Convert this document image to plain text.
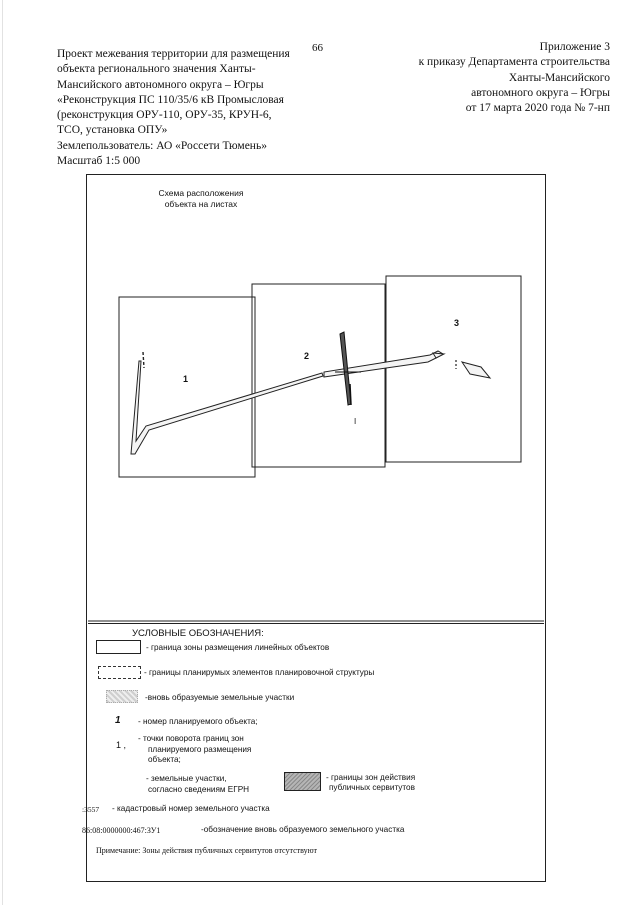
66
Проект межевания территории для размещения
объекта регионального значения Ханты-
Мансийского автономного округа – Югры
«Реконструкция ПС 110/35/6 кВ Промысловая
(реконструкция ОРУ-110, ОРУ-35, КРУН-6,
ТСО, установка ОПУ»
Землепользователь: АО «Россети Тюмень»
Масштаб 1:5 000
Приложение 3
к приказу Департамента строительства
Ханты-Мансийского
автономного округа – Югры
от 17 марта 2020 года № 7-нп
Схема расположения
объекта на листах
1
2
3
I
УСЛОВНЫЕ ОБОЗНАЧЕНИЯ:
- граница зоны размещения линейных объектов
- границы планирумых элементов планировочной структуры
-вновь образуемые земельные участки
1 - номер планируемого объекта;
1 ,
- точки поворота границ зон
планируемого размещения
объекта;
- земельные участки,
согласно сведениям ЕГРН
- границы зон действия
публичных сервитутов
:3557 - кадастровый номер земельного участка
86:08:0000000:467:ЗУ1	-обозначение вновь образуемого земельного участка
Примечание: Зоны действия публичных сервитутов отсутствуют
